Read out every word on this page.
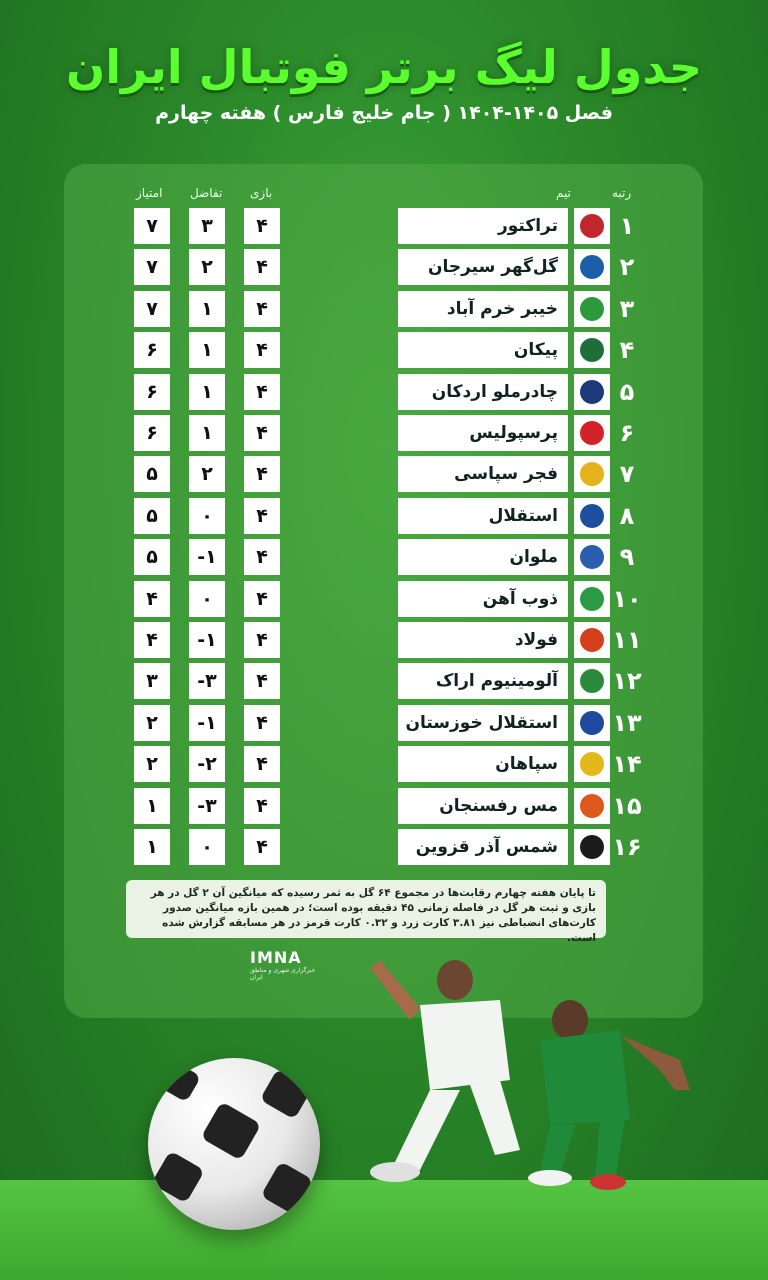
جدول لیگ برتر فوتبال ایران
فصل ۱۴۰۵-۱۴۰۴ ( جام خلیج فارس ) هفته چهارم
رتبه
تیم
بازی
تفاضل
امتیاز
۱
تراکتور
۴
۳
۷
۲
گل‌گهر سیرجان
۴
۲
۷
۳
خیبر خرم آباد
۴
۱
۷
۴
پیکان
۴
۱
۶
۵
چادرملو اردکان
۴
۱
۶
۶
پرسپولیس
۴
۱
۶
۷
فجر سپاسی
۴
۲
۵
۸
استقلال
۴
۰
۵
۹
ملوان
۴
-۱
۵
۱۰
ذوب آهن
۴
۰
۴
۱۱
فولاد
۴
-۱
۴
۱۲
آلومینیوم اراک
۴
-۳
۳
۱۳
استقلال خوزستان
۴
-۱
۲
۱۴
سپاهان
۴
-۲
۲
۱۵
مس رفسنجان
۴
-۳
۱
۱۶
شمس آذر قزوین
۴
۰
۱
تا پایان هفته چهارم رقابت‌ها در مجموع ۶۴ گل به ثمر رسیده که میانگین آن ۲ گل در هر بازی و ثبت هر گل در فاصله زمانی ۴۵ دقیقه بوده است؛ در همین بازه میانگین صدور کارت‌های انضباطی نیز ۳.۸۱ کارت زرد و ۰.۳۲ کارت قرمز در هر مسابقه گزارش شده است.
IMNA
خبرگزاری شهری و مناطق ایران
